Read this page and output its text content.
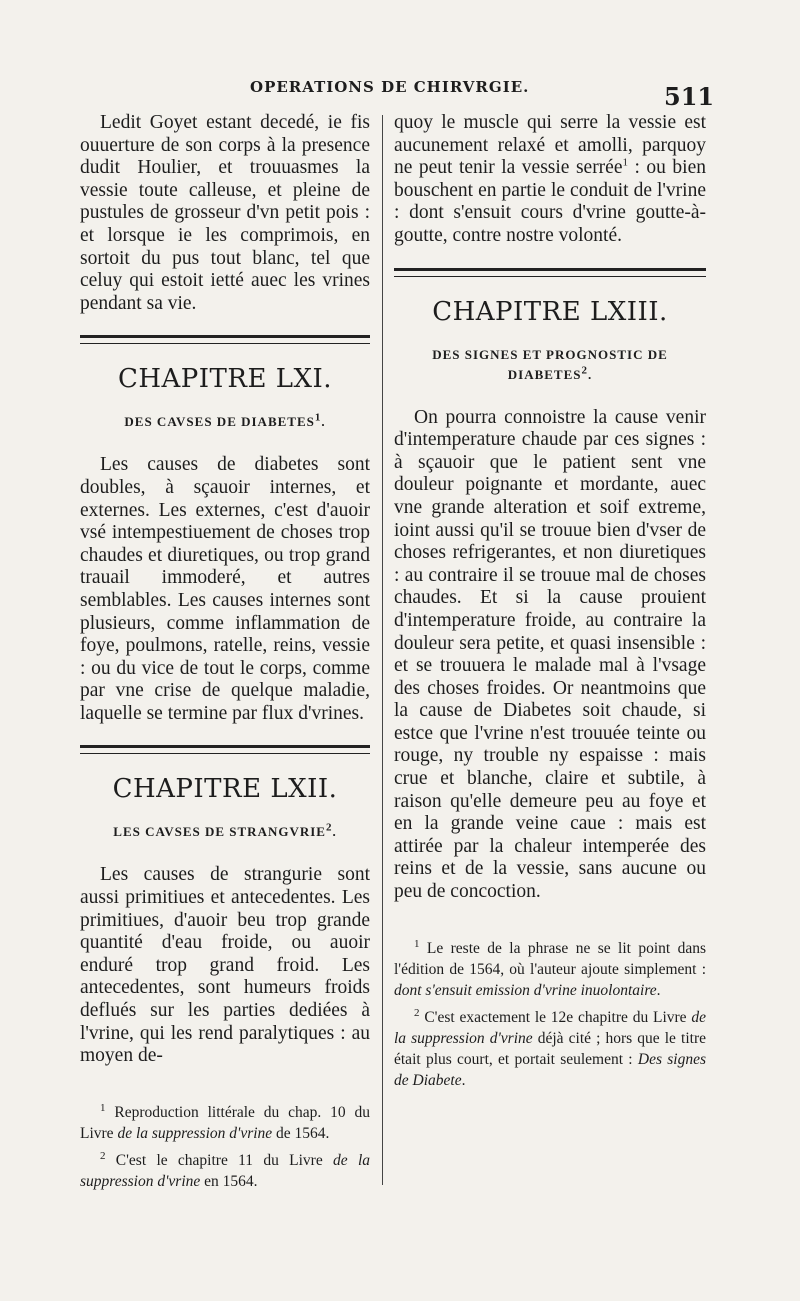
OPERATIONS DE CHIRVRGIE.	511

Ledit Goyet estant decedé, ie fis ouuerture de son corps à la presence dudit Houlier, et trouuasmes la vessie toute calleuse, et pleine de pustules de grosseur d'vn petit pois : et lorsque ie les comprimois, en sortoit du pus tout blanc, tel que celuy qui estoit ietté auec les vrines pendant sa vie.

CHAPITRE LXI.
DES CAVSES DE DIABETES$^1$.

Les causes de diabetes sont doubles, à sçauoir internes, et externes. Les externes, c'est d'auoir vsé intempestiuement de choses trop chaudes et diuretiques, ou trop grand trauail immoderé, et autres semblables. Les causes internes sont plusieurs, comme inflammation de foye, poulmons, ratelle, reins, vessie : ou du vice de tout le corps, comme par vne crise de quelque maladie, laquelle se termine par flux d'vrines.

CHAPITRE LXII.
LES CAVSES DE STRANGVRIE$^2$.

Les causes de strangurie sont aussi primitiues et antecedentes. Les primitiues, d'auoir beu trop grande quantité d'eau froide, ou auoir enduré trop grand froid. Les antecedentes, sont humeurs froids deflués sur les parties dediées à l'vrine, qui les rend paralytiques : au moyen de-

$^1$ Reproduction littérale du chap. 10 du Livre de la suppression d'vrine de 1564.

$^2$ C'est le chapitre 11 du Livre de la suppression d'vrine en 1564.

quoy le muscle qui serre la vessie est aucunement relaxé et amolli, parquoy ne peut tenir la vessie serrée$^1$ : ou bien bouschent en partie le conduit de l'vrine : dont s'ensuit cours d'vrine goutte-à-goutte, contre nostre volonté.

CHAPITRE LXIII.
DES SIGNES ET PROGNOSTIC DE DIABETES$^2$.

On pourra connoistre la cause venir d'intemperature chaude par ces signes : à sçauoir que le patient sent vne douleur poignante et mordante, auec vne grande alteration et soif extreme, ioint aussi qu'il se trouue bien d'vser de choses refrigerantes, et non diuretiques : au contraire il se trouue mal de choses chaudes. Et si la cause prouient d'intemperature froide, au contraire la douleur sera petite, et quasi insensible : et se trouuera le malade mal à l'vsage des choses froides. Or neantmoins que la cause de Diabetes soit chaude, si estce que l'vrine n'est trouuée teinte ou rouge, ny trouble ny espaisse : mais crue et blanche, claire et subtile, à raison qu'elle demeure peu au foye et en la grande veine caue : mais est attirée par la chaleur intemperée des reins et de la vessie, sans aucune ou peu de concoction.

$^1$ Le reste de la phrase ne se lit point dans l'édition de 1564, où l'auteur ajoute simplement : dont s'ensuit emission d'vrine inuolontaire.

$^2$ C'est exactement le 12e chapitre du Livre de la suppression d'vrine déjà cité ; hors que le titre était plus court, et portait seulement : Des signes de Diabete.
